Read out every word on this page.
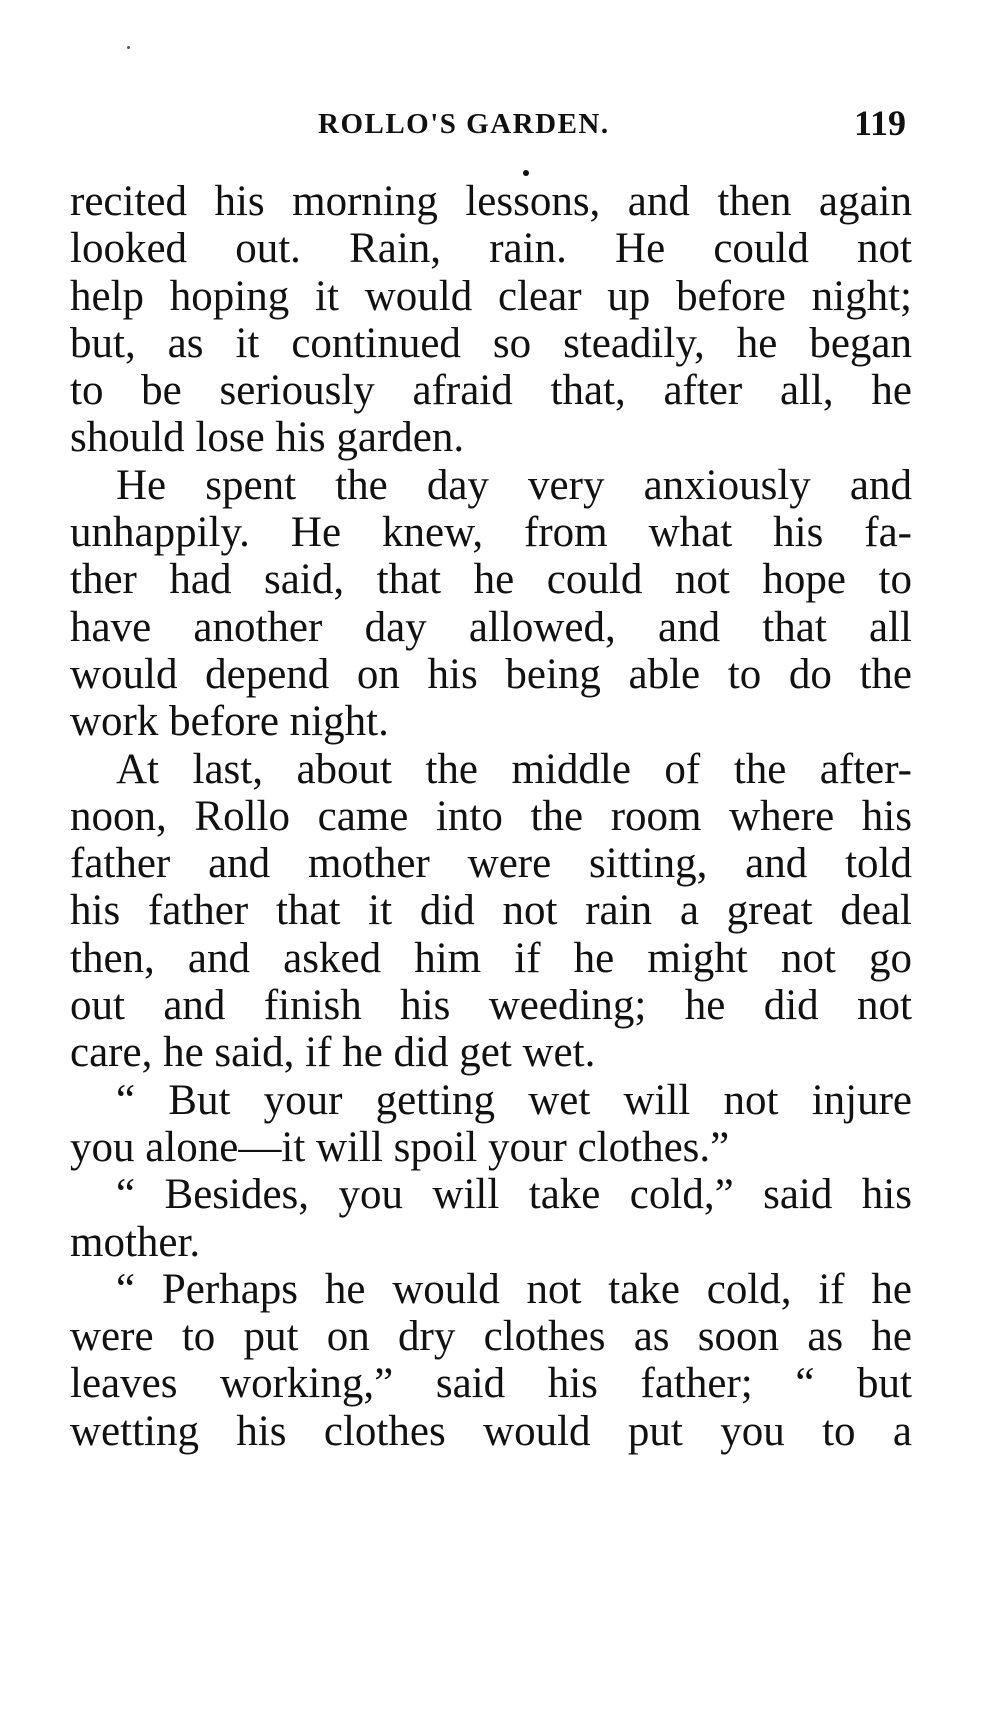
ROLLO'S GARDEN.	119
recited his morning lessons, and then again
looked out. Rain, rain. He could not
help hoping it would clear up before night;
but, as it continued so steadily, he began
to be seriously afraid that, after all, he
should lose his garden.
He spent the day very anxiously and
unhappily. He knew, from what his fa-
ther had said, that he could not hope to
have another day allowed, and that all
would depend on his being able to do the
work before night.
At last, about the middle of the after-
noon, Rollo came into the room where his
father and mother were sitting, and told
his father that it did not rain a great deal
then, and asked him if he might not go
out and finish his weeding; he did not
care, he said, if he did get wet.
“ But your getting wet will not injure
you alone—it will spoil your clothes.”
“ Besides, you will take cold,” said his
mother.
“ Perhaps he would not take cold, if he
were to put on dry clothes as soon as he
leaves working,” said his father; “ but
wetting his clothes would put you to a
